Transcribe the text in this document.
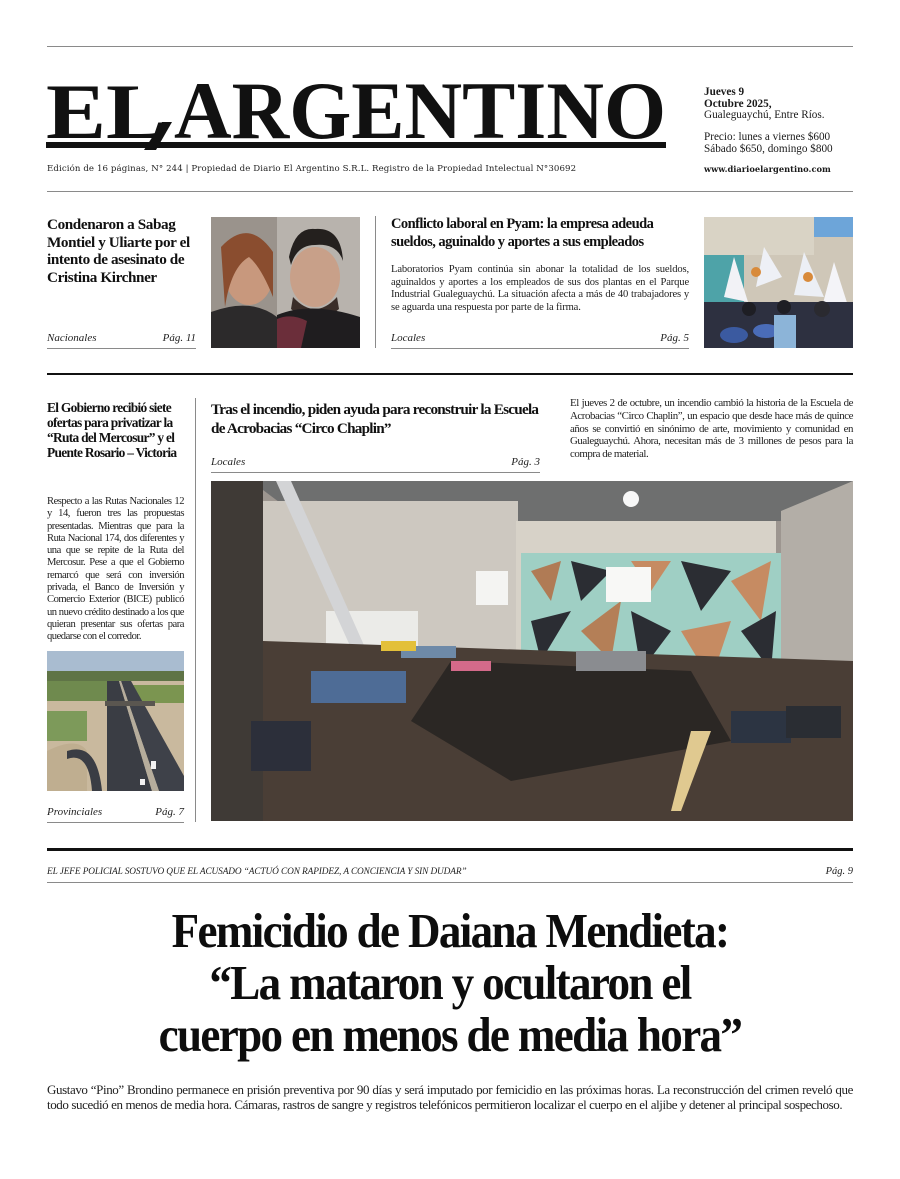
EL ARGENTINO
Edición de 16 páginas, N° 244 | Propiedad de Diario El Argentino S.R.L. Registro de la Propiedad Intelectual N°30692
Jueves 9
Octubre 2025,
Gualeguaychú, Entre Ríos.
Precio: lunes a viernes $600
Sábado $650, domingo $800
www.diarioelargentino.com
Condenaron a Sabag Montiel y Uliarte por el intento de asesinato de Cristina Kirchner
Nacionales	Pág. 11
Conflicto laboral en Pyam: la empresa adeuda sueldos, aguinaldo y aportes a sus empleados
Laboratorios Pyam continúa sin abonar la totalidad de los sueldos, aguinaldos y aportes a los empleados de sus dos plantas en el Parque Industrial Gualeguaychú. La situación afecta a más de 40 trabajadores y se aguarda una respuesta por parte de la firma.
Locales	Pág. 5
El Gobierno recibió siete ofertas para privatizar la “Ruta del Mercosur” y el Puente Rosario – Victoria
Respecto a las Rutas Nacionales 12 y 14, fueron tres las propuestas presentadas. Mientras que para la Ruta Nacional 174, dos diferentes y una que se repite de la Ruta del Mercosur. Pese a que el Gobierno remarcó que será con inversión privada, el Banco de Inversión y Comercio Exterior (BICE) publicó un nuevo crédito destinado a los que quieran presentar sus ofertas para quedarse con el corredor.
Provinciales	Pág. 7
Tras el incendio, piden ayuda para reconstruir la Escuela de Acrobacias “Circo Chaplin”
Locales	Pág. 3
El jueves 2 de octubre, un incendio cambió la historia de la Escuela de Acrobacias “Circo Chaplin”, un espacio que desde hace más de quince años se convirtió en sinónimo de arte, movimiento y comunidad en Gualeguaychú. Ahora, necesitan más de 3 millones de pesos para la compra de material.
EL JEFE POLICIAL SOSTUVO QUE EL ACUSADO “ACTUÓ CON RAPIDEZ, A CONCIENCIA Y SIN DUDAR”	Pág. 9
Femicidio de Daiana Mendieta:
“La mataron y ocultaron el
cuerpo en menos de media hora”
Gustavo “Pino” Brondino permanece en prisión preventiva por 90 días y será imputado por femicidio en las próximas horas. La reconstrucción del crimen reveló que todo sucedió en menos de media hora. Cámaras, rastros de sangre y registros telefónicos permitieron localizar el cuerpo en el aljibe y detener al principal sospechoso.
